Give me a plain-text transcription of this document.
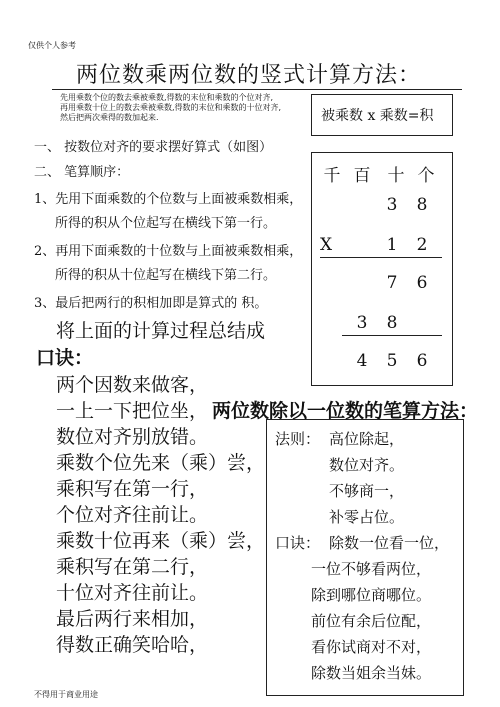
仅供个人参考
两位数乘两位数的竖式计算方法：
先用乘数个位的数去乘被乘数,得数的末位和乘数的个位对齐,
再用乘数十位上的数去乘被乘数,得数的末位和乘数的十位对齐,
然后把两次乘得的数加起来.	被乘数 x 乘数=积
一、 按数位对齐的要求摆好算式（如图）
二、 笔算顺序：
1、先用下面乘数的个位数与上面被乘数相乘，
所得的积从个位起写在横线下第一行。
2、再用下面乘数的十位数与上面被乘数相乘，
所得的积从十位起写在横线下第二行。
3、最后把两行的积相加即是算式的 积。
千 百 十 个
3	8
X	1	2
7	6
3	8
4	5	6
将上面的计算过程总结成
口诀：
两个因数来做客，
一上一下把位坐， 两位数除以一位数的笔算方法：
数位对齐别放错。
乘数个位先来（乘）尝，
乘积写在第一行，
个位对齐往前让。
乘数十位再来（乘）尝，
乘积写在第二行，
十位对齐往前让。
最后两行来相加，
得数正确笑哈哈，
法则： 高位除起，
数位对齐。
不够商一，
补零占位。
口诀： 除数一位看一位，
一位不够看两位，
除到哪位商哪位。
前位有余后位配，
看你试商对不对，
除数当姐余当妹。
不得用于商业用途
